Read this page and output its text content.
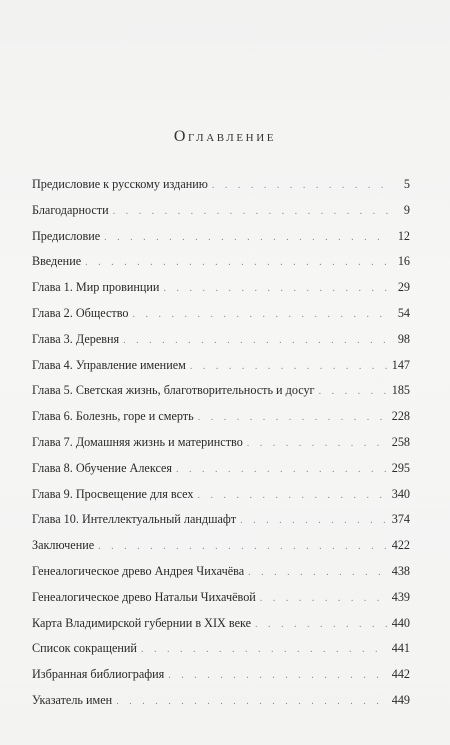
Оглавление
Предисловие к русскому изданию . . .	5
Благодарности . . .	9
Предисловие . . .	12
Введение . . .	16
Глава 1. Мир провинции . . .	29
Глава 2. Общество . . .	54
Глава 3. Деревня . . .	98
Глава 4. Управление имением . . .	147
Глава 5. Светская жизнь, благотворительность и досуг . . .	185
Глава 6. Болезнь, горе и смерть . . .	228
Глава 7. Домашняя жизнь и материнство . . .	258
Глава 8. Обучение Алексея . . .	295
Глава 9. Просвещение для всех . . .	340
Глава 10. Интеллектуальный ландшафт . . .	374
Заключение . . .	422
Генеалогическое древо Андрея Чихачёва . . .	438
Генеалогическое древо Натальи Чихачёвой . . .	439
Карта Владимирской губернии в XIX веке . . .	440
Список сокращений . . .	441
Избранная библиография . . .	442
Указатель имен . . .	449
